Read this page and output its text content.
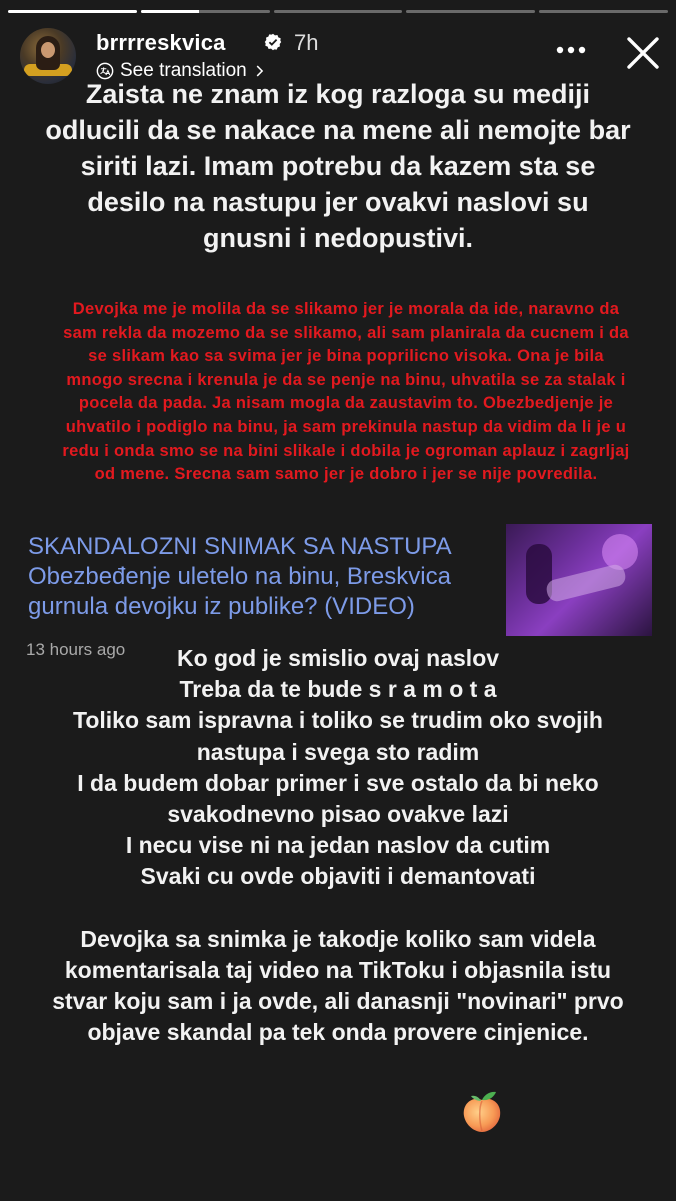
brrrreskvica	7h
See translation
Zaista ne znam iz kog razloga su mediji odlucili da se nakace na mene ali nemojte bar siriti lazi. Imam potrebu da kazem sta se desilo na nastupu jer ovakvi naslovi su gnusni i nedopustivi.
Devojka me je molila da se slikamo jer je morala da ide, naravno da sam rekla da mozemo da se slikamo, ali sam planirala da cucnem i da se slikam kao sa svima jer je bina poprilicno visoka. Ona je bila mnogo srecna i krenula je da se penje na binu, uhvatila se za stalak i pocela da pada. Ja nisam mogla da zaustavim to. Obezbedjenje je uhvatilo i podiglo na binu, ja sam prekinula nastup da vidim da li je u redu i onda smo se na bini slikale i dobila je ogroman aplauz i zagrljaj od mene. Srecna sam samo jer je dobro i jer se nije povredila.
SKANDALOZNI SNIMAK SA NASTUPA Obezbeđenje uletelo na binu, Breskvica gurnula devojku iz publike? (VIDEO)
13 hours ago	Ko god je smislio ovaj naslov

Treba da te bude s r a m o t a

Toliko sam ispravna i toliko se trudim oko svojih nastupa i svega sto radim

I da budem dobar primer i sve ostalo da bi neko svakodnevno pisao ovakve lazi

I necu vise ni na jedan naslov da cutim

Svaki cu ovde objaviti i demantovati

Devojka sa snimka je takodje koliko sam videla komentarisala taj video na TikToku i objasnila istu stvar koju sam i ja ovde, ali danasnji "novinari" prvo objave skandal pa tek onda provere cinjenice.
